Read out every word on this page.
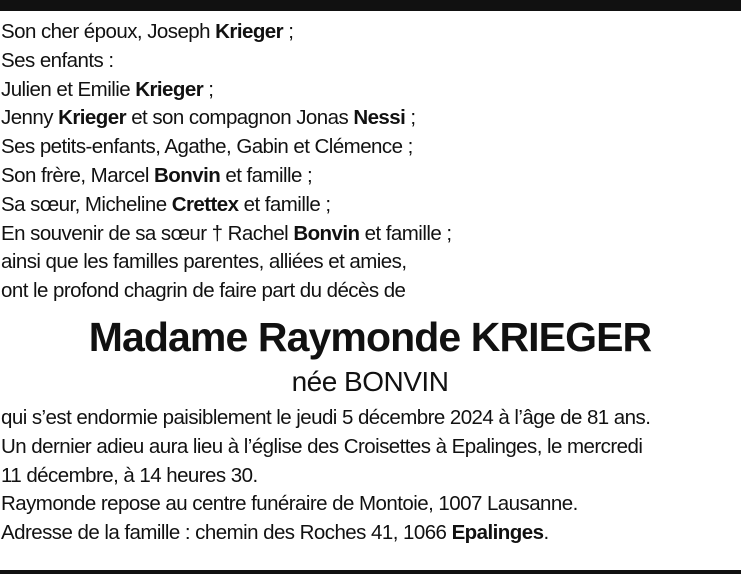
Son cher époux, Joseph Krieger ;
Ses enfants :
Julien et Emilie Krieger ;
Jenny Krieger et son compagnon Jonas Nessi ;
Ses petits-enfants, Agathe, Gabin et Clémence ;
Son frère, Marcel Bonvin et famille ;
Sa sœur, Micheline Crettex et famille ;
En souvenir de sa sœur † Rachel Bonvin et famille ;
ainsi que les familles parentes, alliées et amies,
ont le profond chagrin de faire part du décès de
Madame Raymonde KRIEGER
née BONVIN
qui s’est endormie paisiblement le jeudi 5 décembre 2024 à l’âge de 81 ans.
Un dernier adieu aura lieu à l’église des Croisettes à Epalinges, le mercredi
11 décembre, à 14 heures 30.
Raymonde repose au centre funéraire de Montoie, 1007 Lausanne.
Adresse de la famille : chemin des Roches 41, 1066 Epalinges.
